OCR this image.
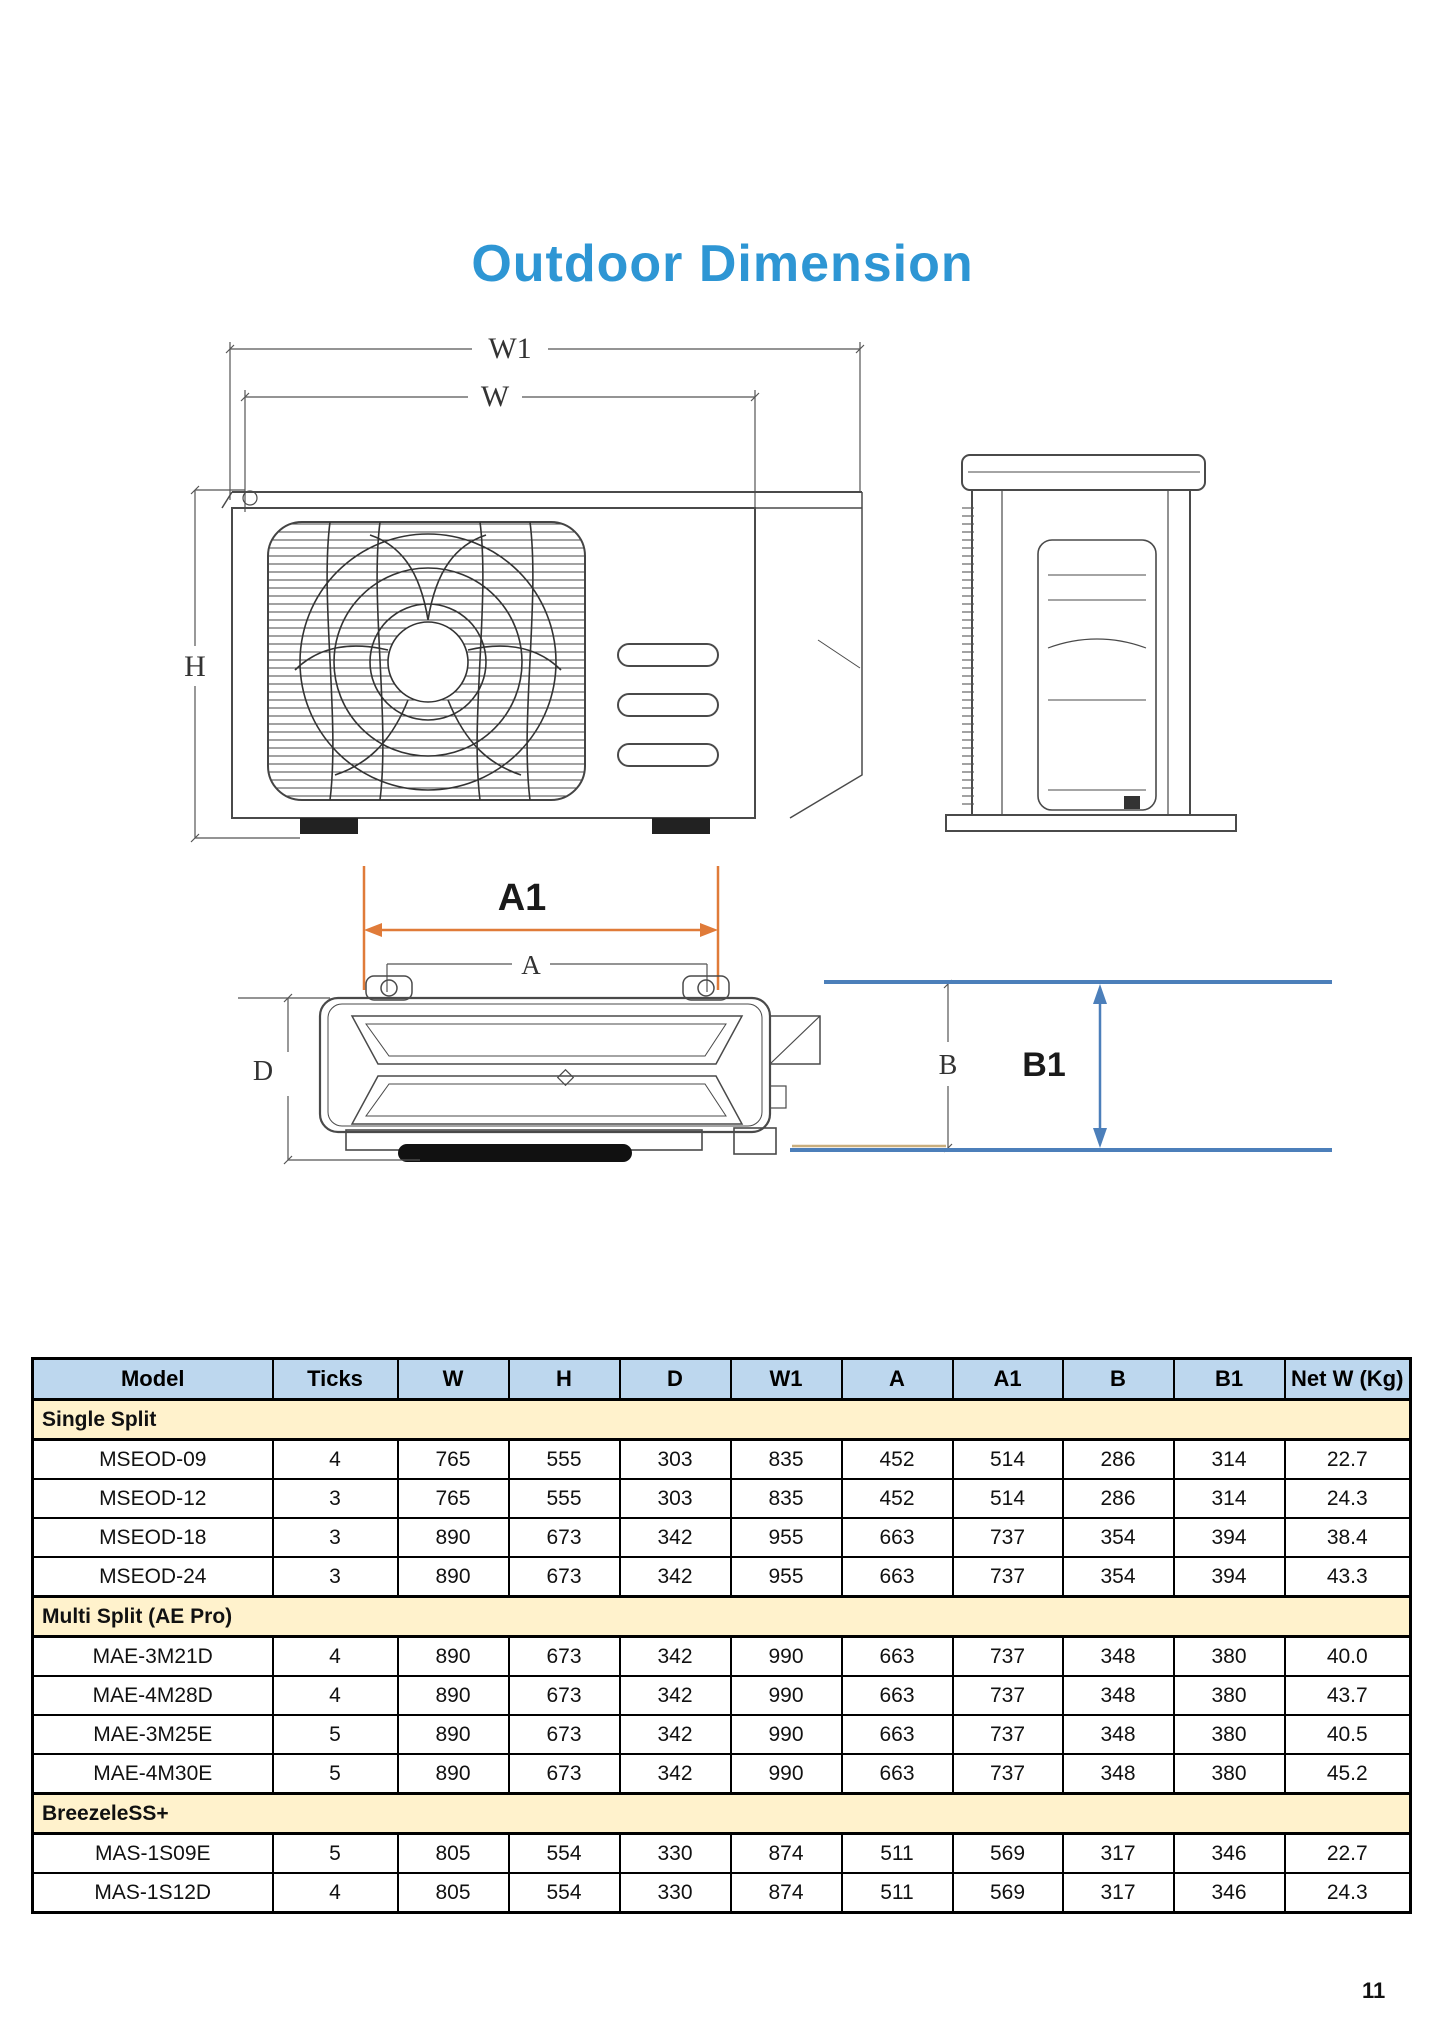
Outdoor Dimension
W1
W
H
A1
A
D	B B1
Model	Ticks	W	H	D	W1	A	A1	B	B1	Net W (Kg)
Single Split										
MSEOD-09	4	765	555	303	835	452	514	286	314	22.7
MSEOD-12	3	765	555	303	835	452	514	286	314	24.3
MSEOD-18	3	890	673	342	955	663	737	354	394	38.4
MSEOD-24	3	890	673	342	955	663	737	354	394	43.3
Multi Split (AE Pro)										
MAE-3M21D	4	890	673	342	990	663	737	348	380	40.0
MAE-4M28D	4	890	673	342	990	663	737	348	380	43.7
MAE-3M25E	5	890	673	342	990	663	737	348	380	40.5
MAE-4M30E	5	890	673	342	990	663	737	348	380	45.2
BreezeleSS+										
MAS-1S09E	5	805	554	330	874	511	569	317	346	22.7
MAS-1S12D	4	805	554	330	874	511	569	317	346	24.3
11
